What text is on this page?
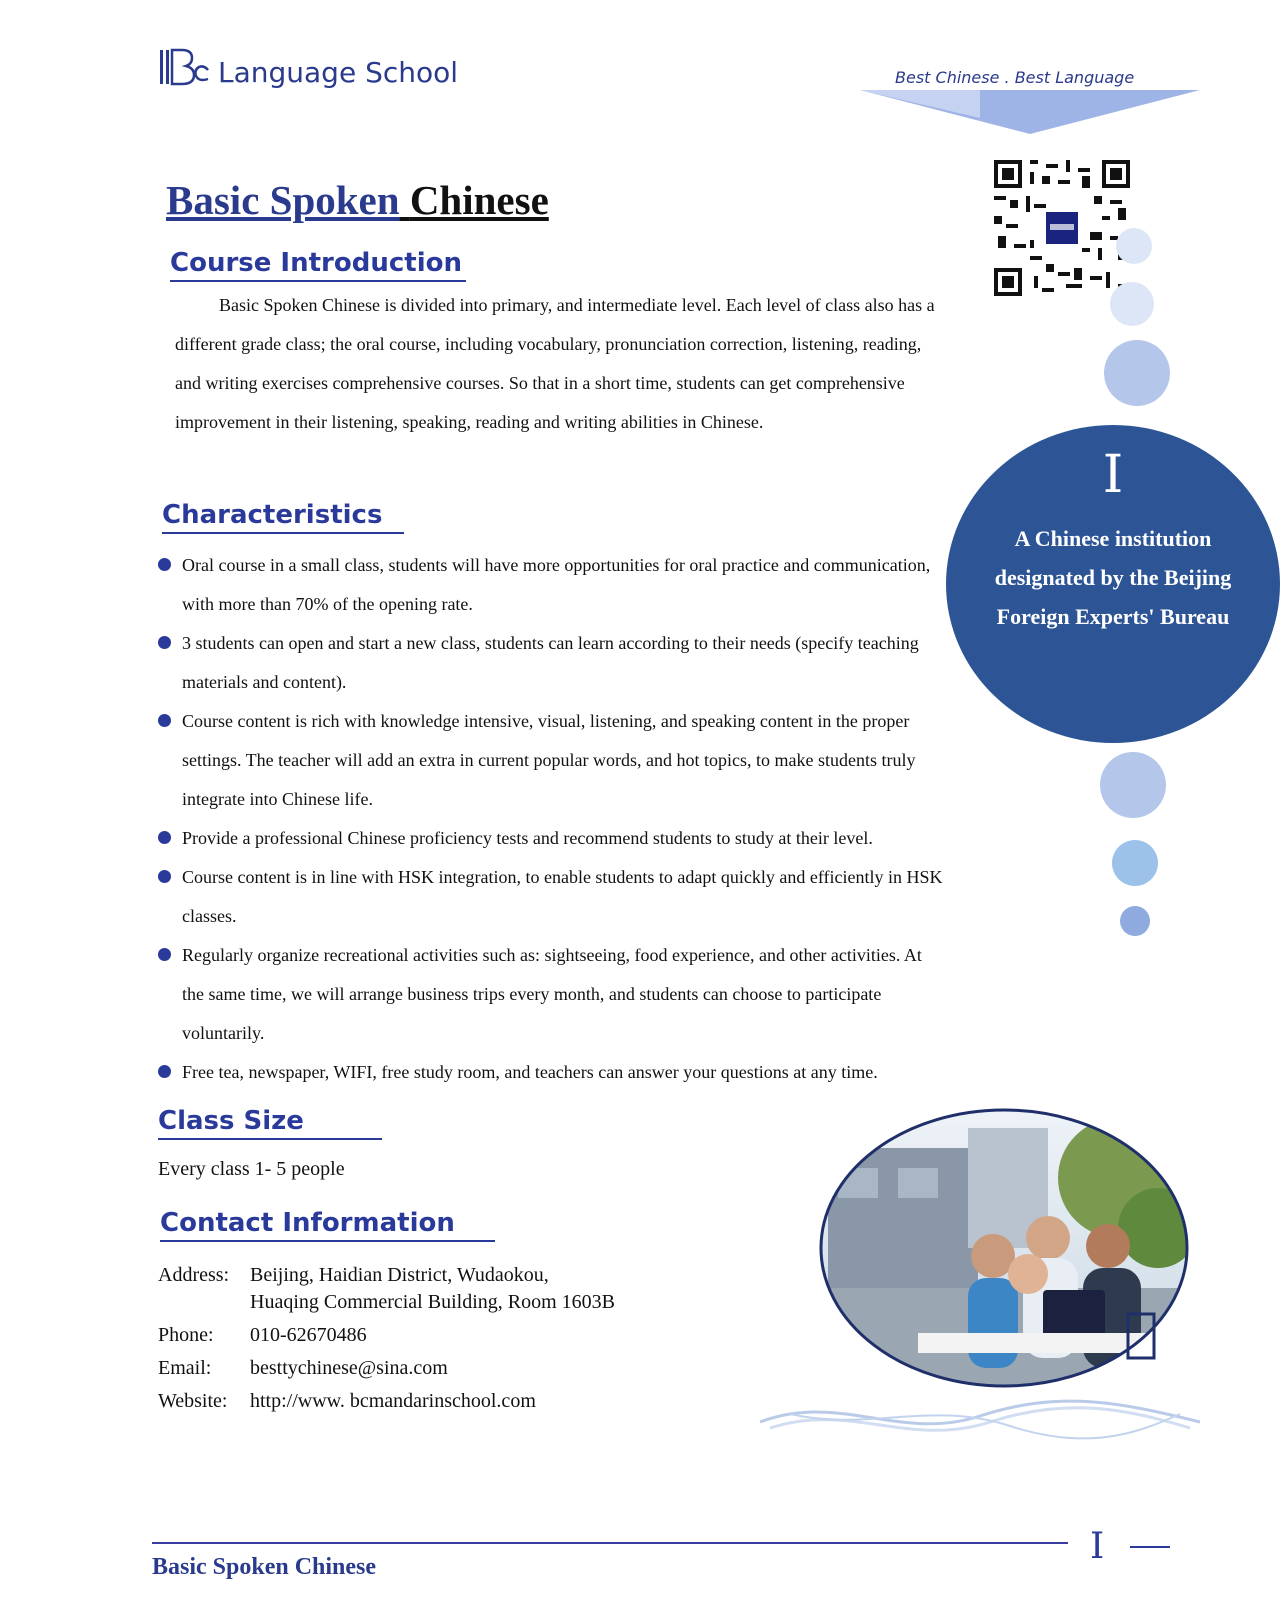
Language School	Best Chinese . Best Language
I
A Chinese institution designated by the Beijing Foreign Experts' Bureau
Basic Spoken Chinese
Course Introduction

Basic Spoken Chinese is divided into primary, and intermediate level. Each level of class also has a different grade class; the oral course, including vocabulary, pronunciation correction, listening, reading, and writing exercises comprehensive courses. So that in a short time, students can get comprehensive improvement in their listening, speaking, reading and writing abilities in Chinese.

Characteristics
Oral course in a small class, students will have more opportunities for oral practice and communication, with more than 70% of the opening rate.
3 students can open and start a new class, students can learn according to their needs (specify teaching materials and content).
Course content is rich with knowledge intensive, visual, listening, and speaking content in the proper settings. The teacher will add an extra in current popular words, and hot topics, to make students truly integrate into Chinese life.
Provide a professional Chinese proficiency tests and recommend students to study at their level.
Course content is in line with HSK integration, to enable students to adapt quickly and efficiently in HSK classes.
Regularly organize recreational activities such as: sightseeing, food experience, and other activities. At the same time, we will arrange business trips every month, and students can choose to participate voluntarily.
Free tea, newspaper, WIFI, free study room, and teachers can answer your questions at any time.
Class Size
Every class 1- 5 people
Contact Information
Address:	Beijing, Haidian District, Wudaokou,
Huaqing Commercial Building, Room 1603B

Phone:	010-62670486
Email:	besttychinese@sina.com
Website:	http://www. bcmandarinschool.com
I
Basic Spoken Chinese
